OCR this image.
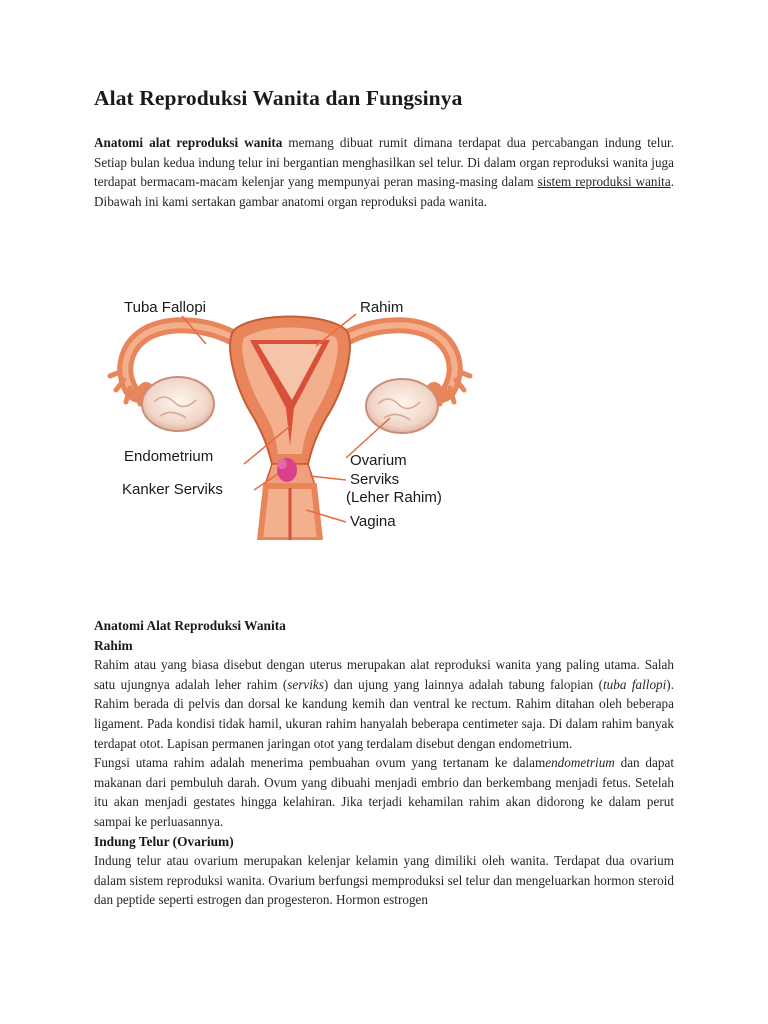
Alat Reproduksi Wanita dan Fungsinya

Anatomi alat reproduksi wanita memang dibuat rumit dimana terdapat dua percabangan indung telur. Setiap bulan kedua indung telur ini bergantian menghasilkan sel telur. Di dalam organ reproduksi wanita juga terdapat bermacam-macam kelenjar yang mempunyai peran masing-masing dalam sistem reproduksi wanita. Dibawah ini kami sertakan gambar anatomi organ reproduksi pada wanita.

Tuba Fallopi	Rahim
Endometrium	Ovarium
Kanker Serviks
Serviks
(Leher Rahim)
Vagina

Anatomi Alat Reproduksi Wanita

Rahim

Rahim atau yang biasa disebut dengan uterus merupakan alat reproduksi wanita yang paling utama. Salah satu ujungnya adalah leher rahim (serviks) dan ujung yang lainnya adalah tabung falopian (tuba fallopi). Rahim berada di pelvis dan dorsal ke kandung kemih dan ventral ke rectum. Rahim ditahan oleh beberapa ligament. Pada kondisi tidak hamil, ukuran rahim hanyalah beberapa centimeter saja. Di dalam rahim banyak terdapat otot. Lapisan permanen jaringan otot yang terdalam disebut dengan endometrium.

Fungsi utama rahim adalah menerima pembuahan ovum yang tertanam ke dalamendometrium dan dapat makanan dari pembuluh darah. Ovum yang dibuahi menjadi embrio dan berkembang menjadi fetus. Setelah itu akan menjadi gestates hingga kelahiran. Jika terjadi kehamilan rahim akan didorong ke dalam perut sampai ke perluasannya.

Indung Telur (Ovarium)

Indung telur atau ovarium merupakan kelenjar kelamin yang dimiliki oleh wanita. Terdapat dua ovarium dalam sistem reproduksi wanita. Ovarium berfungsi memproduksi sel telur dan mengeluarkan hormon steroid dan peptide seperti estrogen dan progesteron. Hormon estrogen
